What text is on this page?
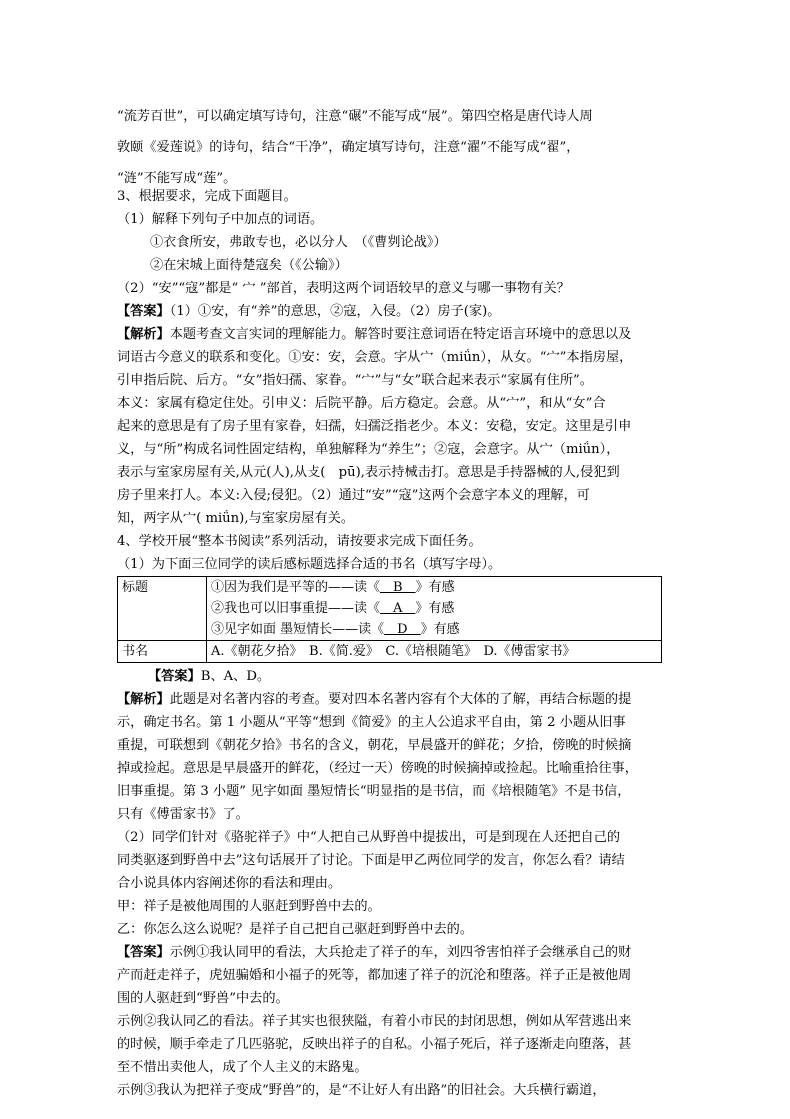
“流芳百世”，可以确定填写诗句，注意“碾”不能写成“展”。第四空格是唐代诗人周

敦颐《爱莲说》的诗句，结合“干净”，确定填写诗句，注意“濯”不能写成“翟”，

“涟”不能写成“莲”。

3、根据要求，完成下面题目。

（1）解释下列句子中加点的词语。

①衣食所安，弗敢专也，必以分人　（《曹刿论战》）

②在宋城上面待楚寇矣（《公输》）

（2）“安”“寇”都是“ 宀 ”部首，表明这两个词语较早的意义与哪一事物有关？

【答案】（1）①安，有“养”的意思，②寇，入侵。（2）房子(家)。

【解析】本题考查文言实词的理解能力。解答时要注意词语在特定语言环境中的意思以及

词语古今意义的联系和变化。①安：安，会意。字从宀（miǘn），从女。“宀”本指房屋，

引申指后院、后方。“女”指妇孺、家眷。“宀”与“女”联合起来表示“家属有住所”。

本义：家属有稳定住处。引申义：后院平静。后方稳定。会意。从“宀”，和从“女”合

起来的意思是有了房子里有家眷，妇孺，妇孺泛指老少。本义：安稳，安定。这里是引申

义，与“所”构成名词性固定结构，单独解释为“养生”；②寇，会意字。从宀（miǘn），

表示与室家房屋有关,从元(人),从攴(　pū),表示持械击打。意思是手持器械的人,侵犯到

房子里来打人。本义:入侵;侵犯。（2）通过“安”“寇”这两个会意字本义的理解，可

知，两字从宀( miǘn),与室家房屋有关。

4、学校开展“整本书阅读”系列活动，请按要求完成下面任务。

（1）为下面三位同学的读后感标题选择合适的书名（填写字母）。

标题	①因为我们是平等的——读《　B　》有感
②我也可以旧事重提——读《　A　》有感
③见字如面 墨短情长——读《　D　》有感

书名	A.《朝花夕拾》　B.《简.爱》　C.《培根随笔》　D.《傅雷家书》

【答案】B、A、D。

【解析】此题是对名著内容的考查。要对四本名著内容有个大体的了解，再结合标题的提

示，确定书名。第 1 小题从“平等“想到《简爱》的主人公追求平自由，第 2 小题从旧事

重提，可联想到《朝花夕拾》书名的含义，朝花，早晨盛开的鲜花；夕拾，傍晚的时候摘

掉或捡起。意思是早晨盛开的鲜花，（经过一天）傍晚的时候摘掉或捡起。比喻重拾往事，

旧事重提。第 3 小题” 见字如面 墨短情长“明显指的是书信，而《培根随笔》不是书信，

只有《傅雷家书》了。

（2）同学们针对《骆驼祥子》中“人把自己从野兽中提拔出，可是到现在人还把自己的

同类驱逐到野兽中去”这句话展开了讨论。下面是甲乙两位同学的发言，你怎么看？请结

合小说具体内容阐述你的看法和理由。

甲：祥子是被他周围的人驱赶到野兽中去的。

乙：你怎么这么说呢？是祥子自己把自己驱赶到野兽中去的。

【答案】示例①我认同甲的看法，大兵抢走了祥子的车，刘四爷害怕祥子会继承自己的财

产而赶走祥子，虎妞骗婚和小福子的死等，都加速了祥子的沉沦和堕落。祥子正是被他周

围的人驱赶到“野兽”中去的。

示例②我认同乙的看法。祥子其实也很狭隘，有着小市民的封闭思想，例如从军营逃出来

的时候，顺手牵走了几匹骆驼，反映出祥子的自私。小福子死后，祥子逐渐走向堕落，甚

至不惜出卖他人，成了个人主义的末路鬼。

示例③我认为把祥子变成“野兽”的，是“不让好人有出路”的旧社会。大兵横行霸道，
